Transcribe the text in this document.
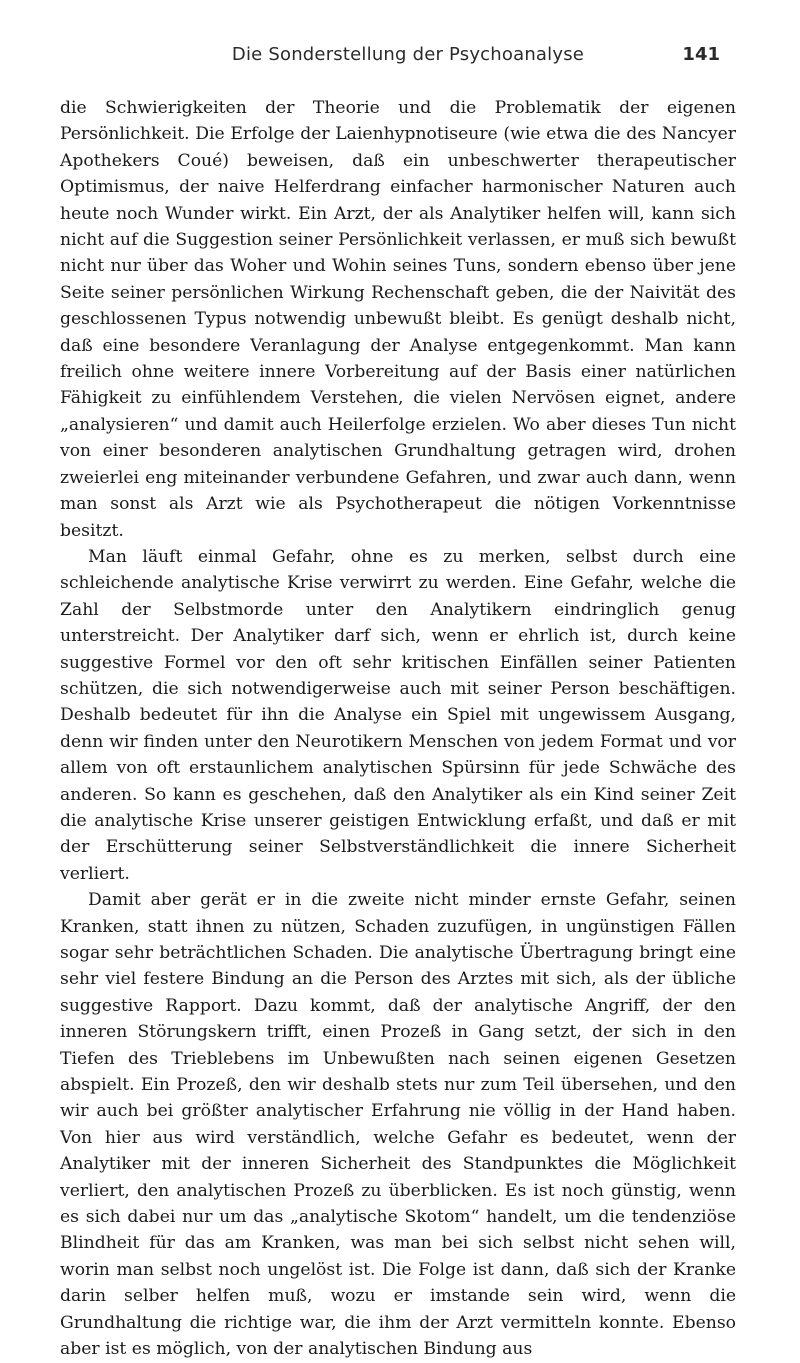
Die Sonderstellung der Psychoanalyse	141

die Schwierigkeiten der Theorie und die Problematik der eigenen Persönlichkeit. Die Erfolge der Laienhypnotiseure (wie etwa die des Nancyer Apothekers Coué) beweisen, daß ein unbeschwerter therapeutischer Optimismus, der naive Helferdrang einfacher harmonischer Naturen auch heute noch Wunder wirkt. Ein Arzt, der als Analytiker helfen will, kann sich nicht auf die Suggestion seiner Persönlichkeit verlassen, er muß sich bewußt nicht nur über das Woher und Wohin seines Tuns, sondern ebenso über jene Seite seiner persönlichen Wirkung Rechenschaft geben, die der Naivität des geschlossenen Typus notwendig unbewußt bleibt. Es genügt deshalb nicht, daß eine besondere Veranlagung der Analyse entgegenkommt. Man kann freilich ohne weitere innere Vorbereitung auf der Basis einer natürlichen Fähigkeit zu einfühlendem Verstehen, die vielen Nervösen eignet, andere „analysieren“ und damit auch Heilerfolge erzielen. Wo aber dieses Tun nicht von einer besonderen analytischen Grundhaltung getragen wird, drohen zweierlei eng miteinander verbundene Gefahren, und zwar auch dann, wenn man sonst als Arzt wie als Psychotherapeut die nötigen Vorkenntnisse besitzt.

Man läuft einmal Gefahr, ohne es zu merken, selbst durch eine schleichende analytische Krise verwirrt zu werden. Eine Gefahr, welche die Zahl der Selbstmorde unter den Analytikern eindringlich genug unterstreicht. Der Analytiker darf sich, wenn er ehrlich ist, durch keine suggestive Formel vor den oft sehr kritischen Einfällen seiner Patienten schützen, die sich notwendigerweise auch mit seiner Person beschäftigen. Deshalb bedeutet für ihn die Analyse ein Spiel mit ungewissem Ausgang, denn wir finden unter den Neurotikern Menschen von jedem Format und vor allem von oft erstaunlichem analytischen Spürsinn für jede Schwäche des anderen. So kann es geschehen, daß den Analytiker als ein Kind seiner Zeit die analytische Krise unserer geistigen Entwicklung erfaßt, und daß er mit der Erschütterung seiner Selbstverständlichkeit die innere Sicherheit verliert.

Damit aber gerät er in die zweite nicht minder ernste Gefahr, seinen Kranken, statt ihnen zu nützen, Schaden zuzufügen, in ungünstigen Fällen sogar sehr beträchtlichen Schaden. Die analytische Übertragung bringt eine sehr viel festere Bindung an die Person des Arztes mit sich, als der übliche suggestive Rapport. Dazu kommt, daß der analytische Angriff, der den inneren Störungskern trifft, einen Prozeß in Gang setzt, der sich in den Tiefen des Trieblebens im Unbewußten nach seinen eigenen Gesetzen abspielt. Ein Prozeß, den wir deshalb stets nur zum Teil übersehen, und den wir auch bei größter analytischer Erfahrung nie völlig in der Hand haben. Von hier aus wird verständlich, welche Gefahr es bedeutet, wenn der Analytiker mit der inneren Sicherheit des Standpunktes die Möglichkeit verliert, den analytischen Prozeß zu überblicken. Es ist noch günstig, wenn es sich dabei nur um das „analytische Skotom“ handelt, um die tendenziöse Blindheit für das am Kranken, was man bei sich selbst nicht sehen will, worin man selbst noch ungelöst ist. Die Folge ist dann, daß sich der Kranke darin selber helfen muß, wozu er imstande sein wird, wenn die Grundhaltung die richtige war, die ihm der Arzt vermitteln konnte. Ebenso aber ist es möglich, von der analytischen Bindung aus
